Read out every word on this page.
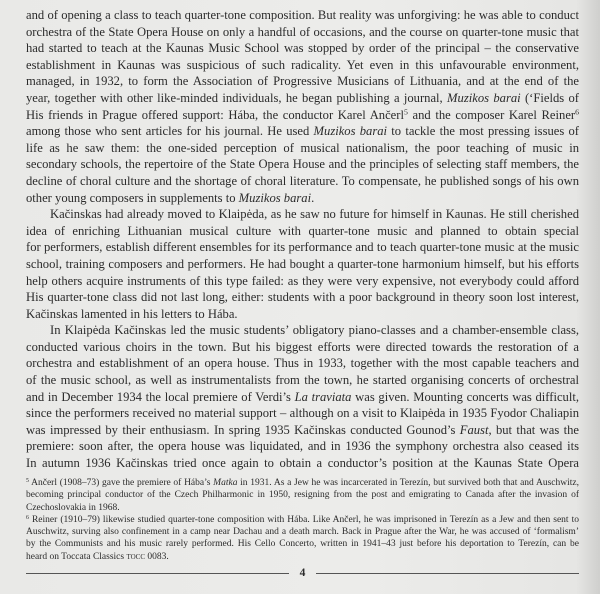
and of opening a class to teach quarter-tone composition. But reality was unforgiving: he was able to conduct
orchestra of the State Opera House on only a handful of occasions, and the course on quarter-tone music that
had started to teach at the Kaunas Music School was stopped by order of the principal – the conservative
establishment in Kaunas was suspicious of such radicality. Yet even in this unfavourable environment,
managed, in 1932, to form the Association of Progressive Musicians of Lithuania, and at the end of the
year, together with other like-minded individuals, he began publishing a journal, Muzikos barai (‘Fields of
His friends in Prague offered support: Hába, the conductor Karel Ančerl$^5$ and the composer Karel Reiner$^6$
among those who sent articles for his journal. He used Muzikos barai to tackle the most pressing issues of
life as he saw them: the one-sided perception of musical nationalism, the poor teaching of music in
secondary schools, the repertoire of the State Opera House and the principles of selecting staff members, the
decline of choral culture and the shortage of choral literature. To compensate, he published songs of his own
other young composers in supplements to Muzikos barai.
Kačinskas had already moved to Klaipėda, as he saw no future for himself in Kaunas. He still cherished
idea of enriching Lithuanian musical culture with quarter-tone music and planned to obtain special
for performers, establish different ensembles for its performance and to teach quarter-tone music at the music
school, training composers and performers. He had bought a quarter-tone harmonium himself, but his efforts
help others acquire instruments of this type failed: as they were very expensive, not everybody could afford
His quarter-tone class did not last long, either: students with a poor background in theory soon lost interest,
Kačinskas lamented in his letters to Hába.
In Klaipėda Kačinskas led the music students’ obligatory piano-classes and a chamber-ensemble class,
conducted various choirs in the town. But his biggest efforts were directed towards the restoration of a
orchestra and establishment of an opera house. Thus in 1933, together with the most capable teachers and
of the music school, as well as instrumentalists from the town, he started organising concerts of orchestral
and in December 1934 the local premiere of Verdi’s La traviata was given. Mounting concerts was difficult,
since the performers received no material support – although on a visit to Klaipėda in 1935 Fyodor Chaliapin
was impressed by their enthusiasm. In spring 1935 Kačinskas conducted Gounod’s Faust, but that was the
premiere: soon after, the opera house was liquidated, and in 1936 the symphony orchestra also ceased its
In autumn 1936 Kačinskas tried once again to obtain a conductor’s position at the Kaunas State Opera
$^5$ Ančerl (1908–73) gave the premiere of Hába’s Matka in 1931. As a Jew he was incarcerated in Terezín, but survived both that and Auschwitz,
becoming principal conductor of the Czech Philharmonic in 1950, resigning from the post and emigrating to Canada after the invasion of
Czechoslovakia in 1968.
$^6$ Reiner (1910–79) likewise studied quarter-tone composition with Hába. Like Ančerl, he was imprisoned in Terezín as a Jew and then sent to
Auschwitz, surving also confinement in a camp near Dachau and a death march. Back in Prague after the War, he was accused of ‘formalism’
by the Communists and his music rarely performed. His Cello Concerto, written in 1941–43 just before his deportation to Terezín, can be
heard on Toccata Classics tocc 0083.
4
